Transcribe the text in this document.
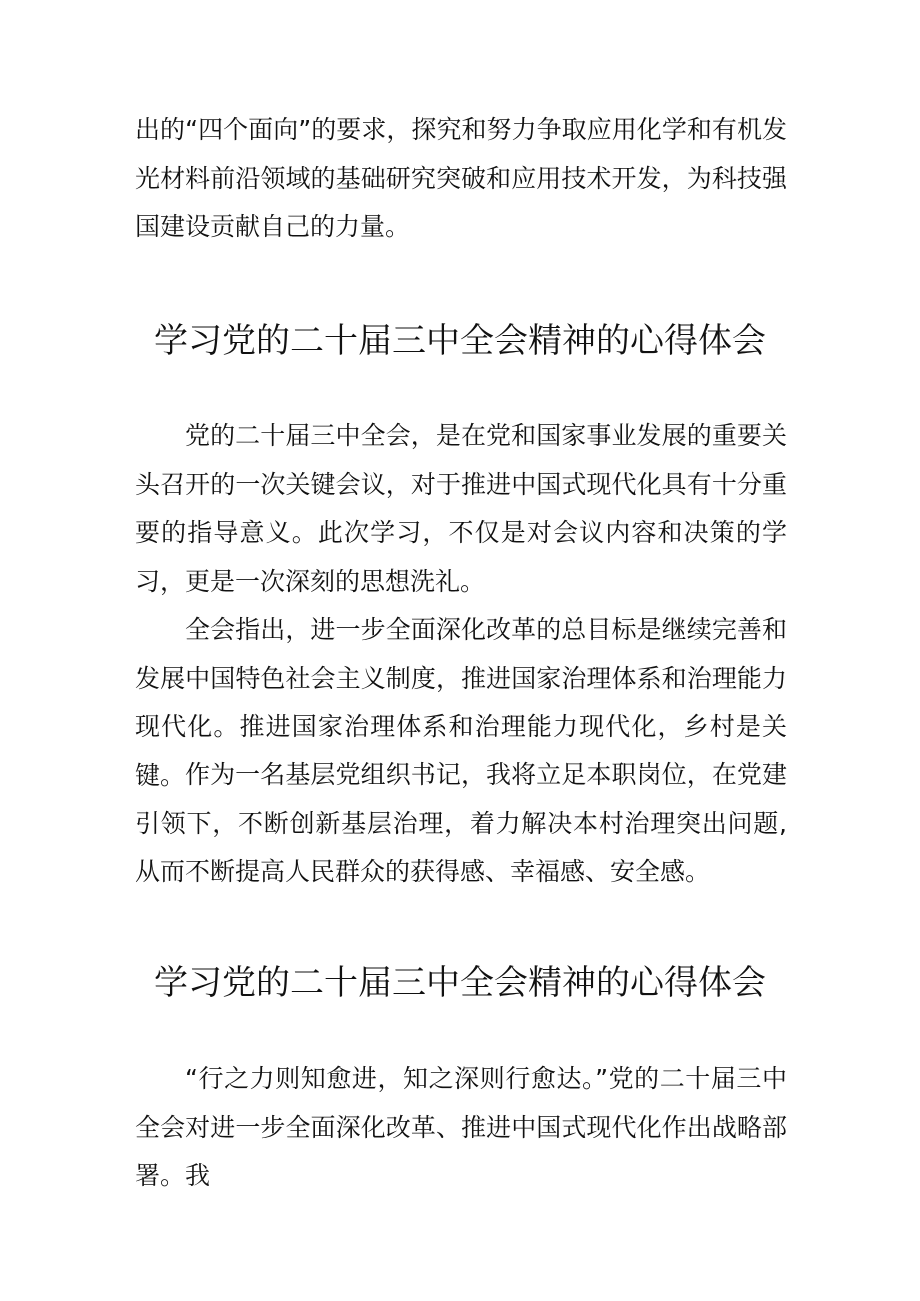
出的“四个面向”的要求，探究和努力争取应用化学和有机发光材料前沿领域的基础研究突破和应用技术开发，为科技强国建设贡献自己的力量。

学习党的二十届三中全会精神的心得体会

党的二十届三中全会，是在党和国家事业发展的重要关头召开的一次关键会议，对于推进中国式现代化具有十分重要的指导意义。此次学习，不仅是对会议内容和决策的学习，更是一次深刻的思想洗礼。

全会指出，进一步全面深化改革的总目标是继续完善和发展中国特色社会主义制度，推进国家治理体系和治理能力现代化。推进国家治理体系和治理能力现代化，乡村是关键。 作为一名基层党组织书记，我将立足本职岗位，在党建引领下，不断创新基层治理，着力解决本村治理突出问题,从而不断提高人民群众的获得感、幸福感、安全感。

学习党的二十届三中全会精神的心得体会

“行之力则知愈进，知之深则行愈达。”党的二十届三中全会对进一步全面深化改革、推进中国式现代化作出战略部署。我
